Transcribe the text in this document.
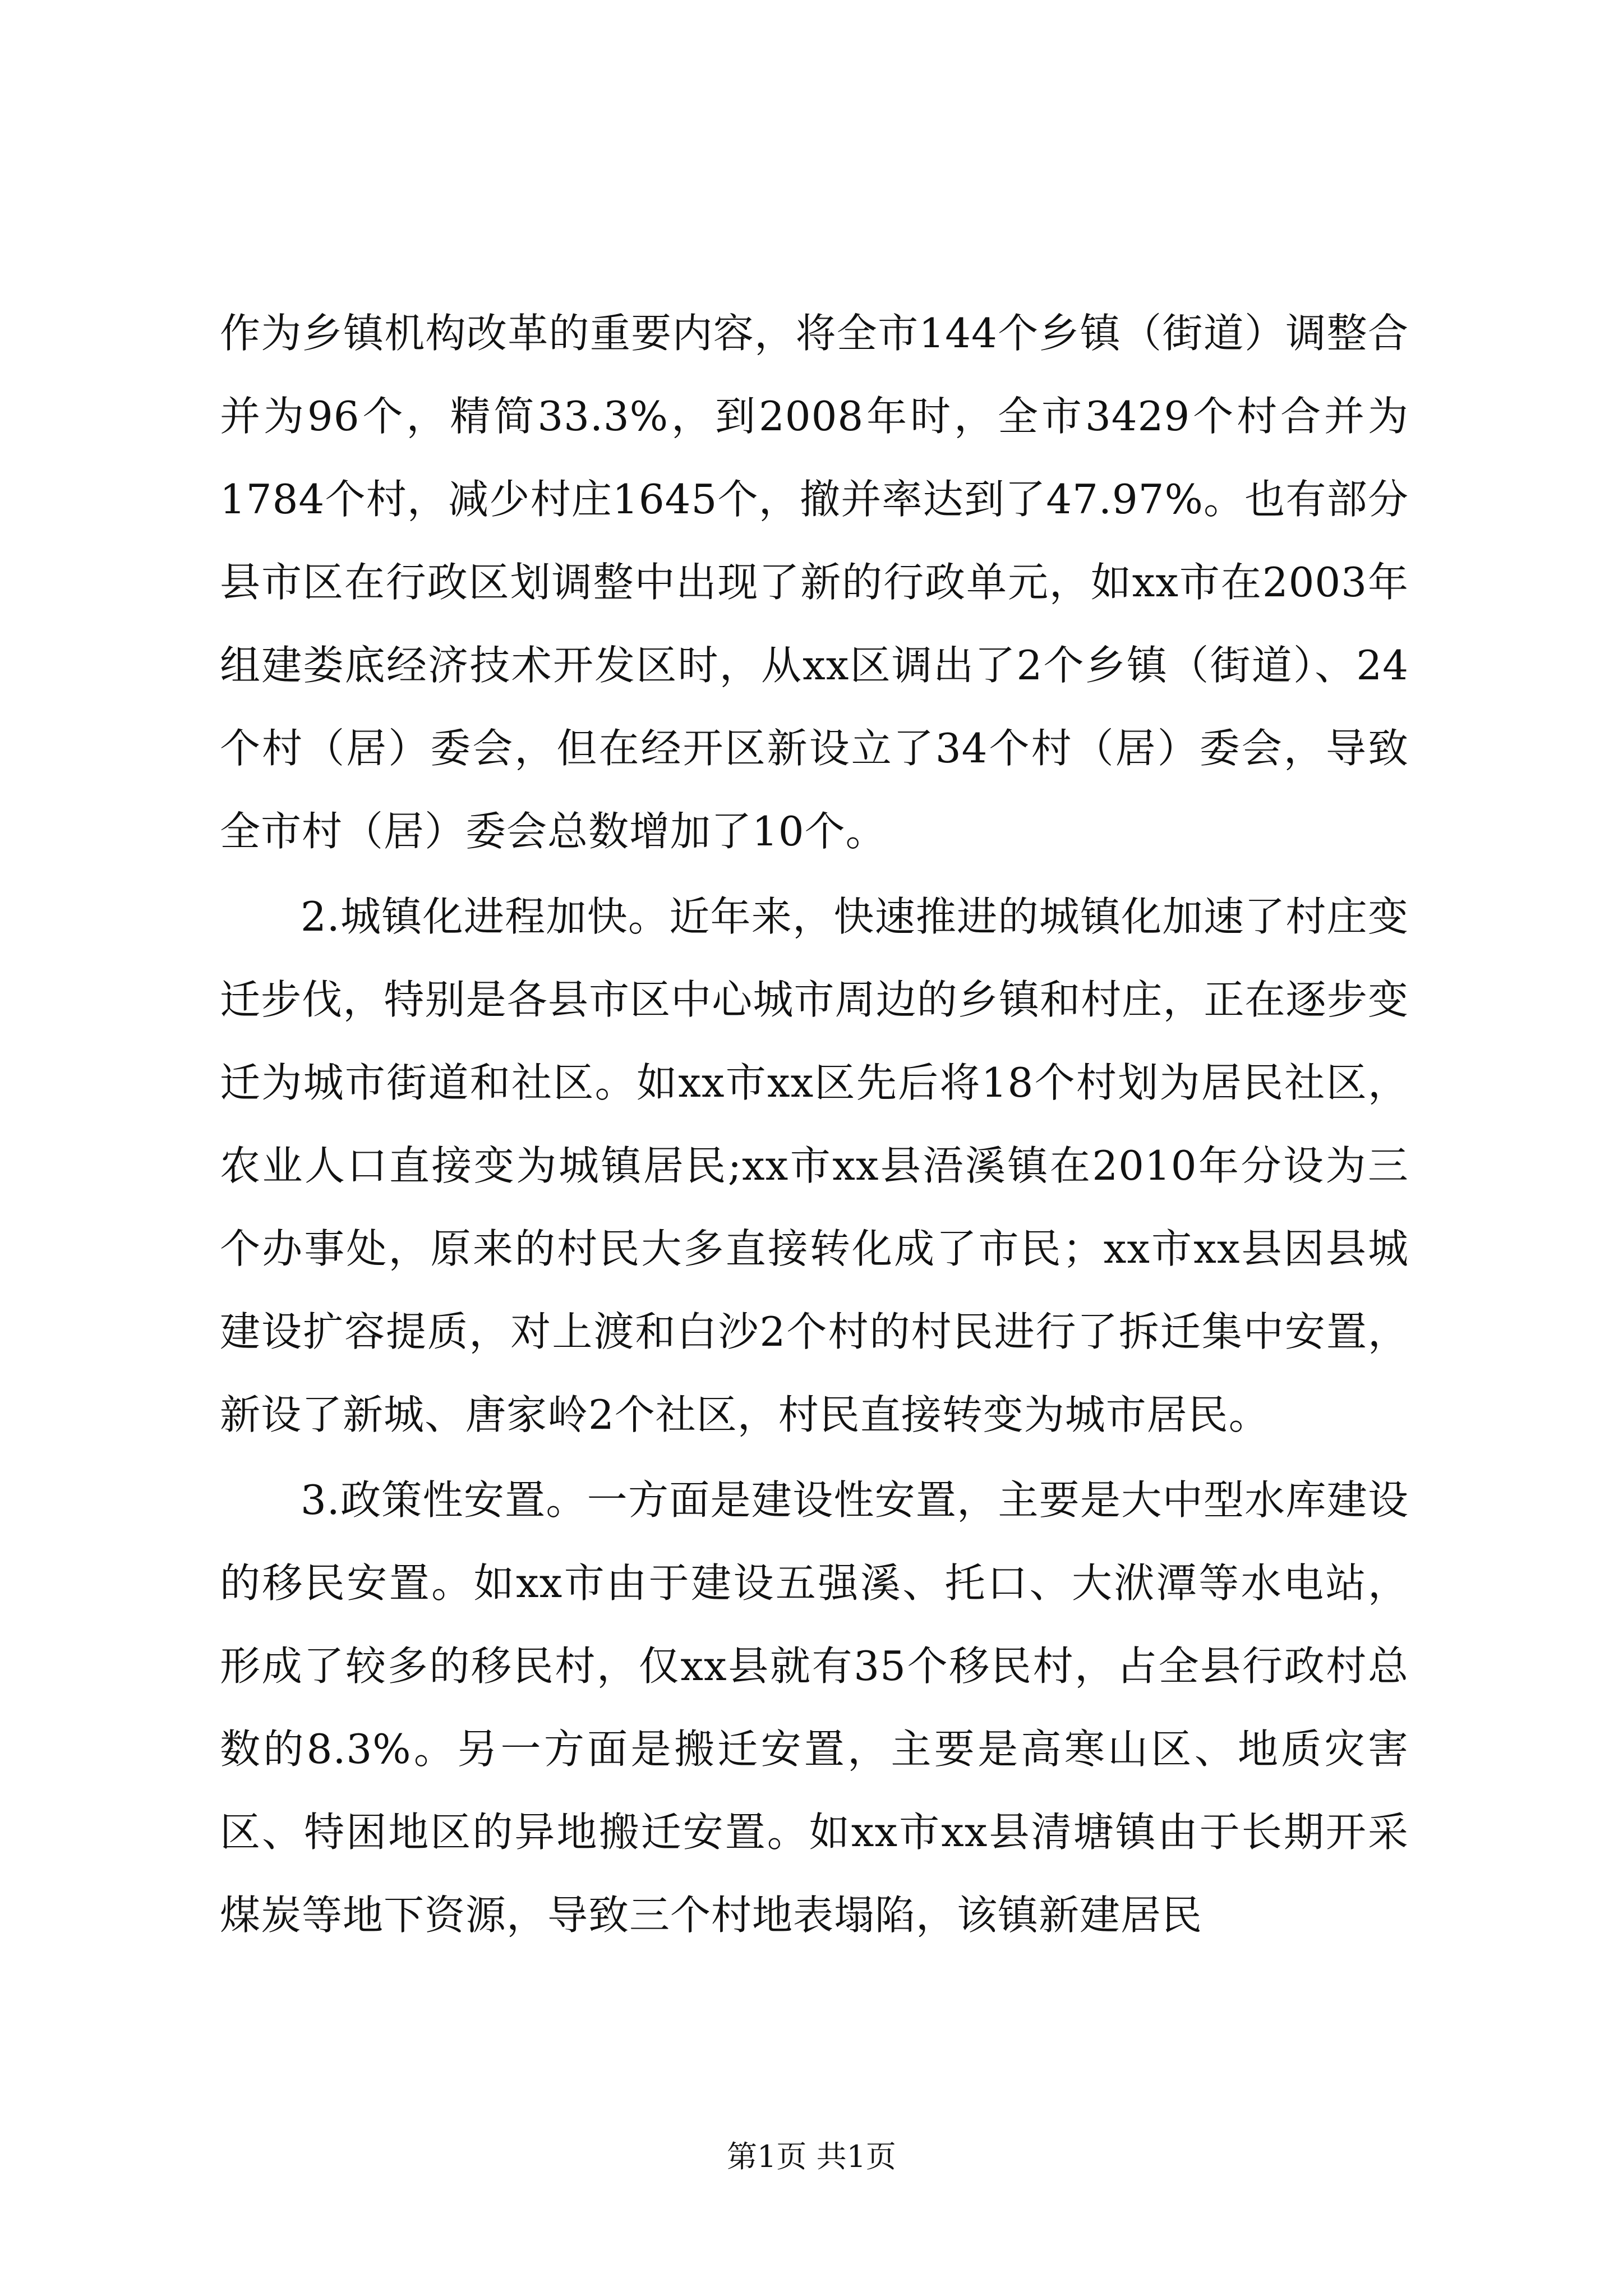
作为乡镇机构改革的重要内容，将全市144个乡镇（街道）调整合并为96个，精简33.3%，到2008年时，全市3429个村合并为1784个村，减少村庄1645个，撤并率达到了47.97%。也有部分县市区在行政区划调整中出现了新的行政单元，如xx市在2003年组建娄底经济技术开发区时，从xx区调出了2个乡镇（街道）、24个村（居）委会，但在经开区新设立了34个村（居）委会，导致全市村（居）委会总数增加了10个。

2.城镇化进程加快。近年来，快速推进的城镇化加速了村庄变迁步伐，特别是各县市区中心城市周边的乡镇和村庄，正在逐步变迁为城市街道和社区。如xx市xx区先后将18个村划为居民社区，农业人口直接变为城镇居民;xx市xx县浯溪镇在2010年分设为三个办事处，原来的村民大多直接转化成了市民；xx市xx县因县城建设扩容提质，对上渡和白沙2个村的村民进行了拆迁集中安置，新设了新城、唐家岭2个社区，村民直接转变为城市居民。

3.政策性安置。一方面是建设性安置，主要是大中型水库建设的移民安置。如xx市由于建设五强溪、托口、大洑潭等水电站，形成了较多的移民村，仅xx县就有35个移民村，占全县行政村总数的8.3%。另一方面是搬迁安置，主要是高寒山区、地质灾害区、特困地区的异地搬迁安置。如xx市xx县清塘镇由于长期开采煤炭等地下资源，导致三个村地表塌陷，该镇新建居民

第1页 共1页
